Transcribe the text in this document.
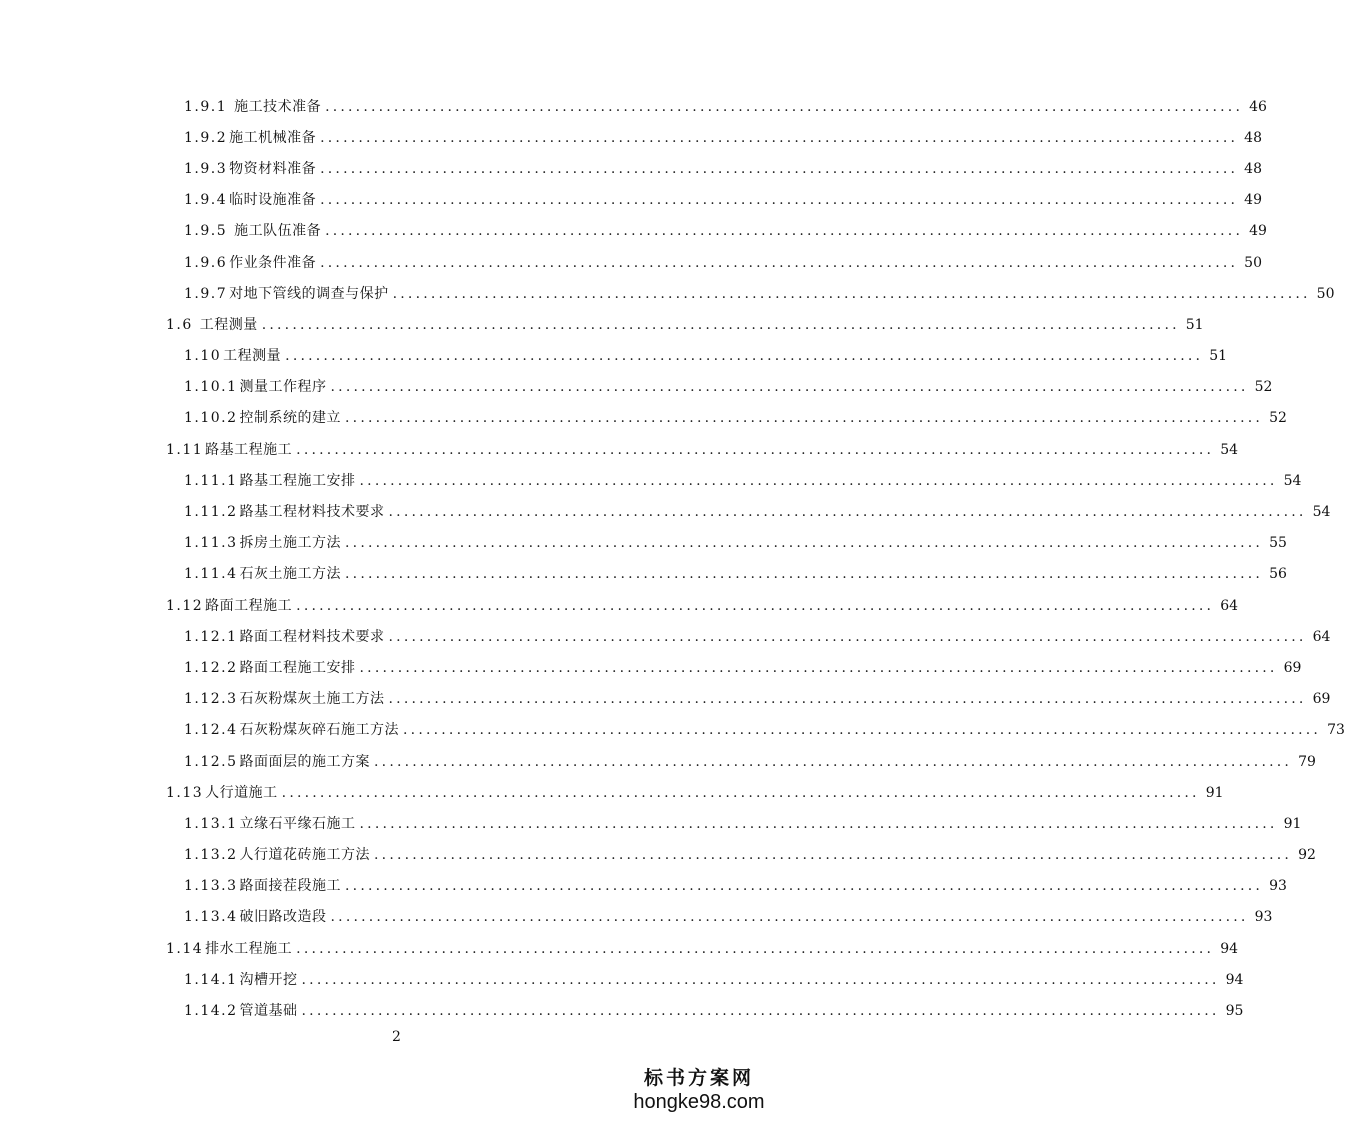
1.9.1 施工技术准备 ........................................................................................................................ 46
1.9.2 施工机械准备 ........................................................................................................................ 48
1.9.3 物资材料准备 ........................................................................................................................ 48
1.9.4 临时设施准备 ........................................................................................................................ 49
1.9.5 施工队伍准备 ........................................................................................................................ 49
1.9.6 作业条件准备 ........................................................................................................................ 50
1.9.7 对地下管线的调查与保护 ........................................................................................................................ 50
1.6 工程测量 ........................................................................................................................ 51
1.10 工程测量 ........................................................................................................................ 51
1.10.1 测量工作程序 ........................................................................................................................ 52
1.10.2 控制系统的建立 ........................................................................................................................ 52
1.11 路基工程施工 ........................................................................................................................ 54
1.11.1 路基工程施工安排 ........................................................................................................................ 54
1.11.2 路基工程材料技术要求 ........................................................................................................................ 54
1.11.3 拆房土施工方法 ........................................................................................................................ 55
1.11.4 石灰土施工方法 ........................................................................................................................ 56
1.12 路面工程施工 ........................................................................................................................ 64
1.12.1 路面工程材料技术要求 ........................................................................................................................ 64
1.12.2 路面工程施工安排 ........................................................................................................................ 69
1.12.3 石灰粉煤灰土施工方法 ........................................................................................................................ 69
1.12.4 石灰粉煤灰碎石施工方法 ........................................................................................................................ 73
1.12.5 路面面层的施工方案 ........................................................................................................................ 79
1.13 人行道施工 ........................................................................................................................ 91
1.13.1 立缘石平缘石施工 ........................................................................................................................ 91
1.13.2 人行道花砖施工方法 ........................................................................................................................ 92
1.13.3 路面接茬段施工 ........................................................................................................................ 93
1.13.4 破旧路改造段 ........................................................................................................................ 93
1.14 排水工程施工 ........................................................................................................................ 94
1.14.1 沟槽开挖 ........................................................................................................................ 94
1.14.2 管道基础 ........................................................................................................................ 95
2
标书方案网
hongke98.com
